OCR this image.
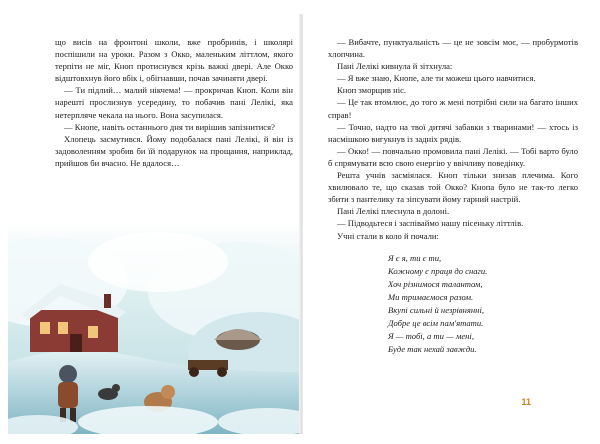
що висів на фронтоні школи, вже пробринів, і школярі поспішили на уроки. Разом з Окко, маленьким літтлом, якого терпіти не міг, Кноп протиснувся крізь важкі двері. Але Окко відштовхнув його вбік і, обігнавши, почав зачиняти двері.

— Ти підлий… малий нікчема! — прокричав Кноп. Коли він нарешті прослизнув усередину, то побачив пані Лелікі, яка нетерпляче чекала на нього. Вона засупилася.

— Кнопе, навіть останнього дня ти вирішив запізнитися?

Хлопець засмутився. Йому подобалася пані Лелікі, й він із задоволенням зробив би їй подарунок на прощання, наприклад, прийшов би вчасно. Не вдалося…

— Вибачте, пунктуальність — це не зовсім моє, — пробурмотів хлопчина.

Пані Лелікі кивнула й зітхнула:

— Я вже знаю, Кнопе, але ти можеш цього навчитися.

Кноп зморщив ніс.

— Це так втомлює, до того ж мені потрібні сили на багато інших справ!

— Точно, надто на твої дитячі забавки з тваринами! — хтось із насмішкою вигукнув із задніх рядів.

— Окко! — повчально промовила пані Лелікі. — Тобі варто було б спрямувати всю свою енергію у ввічливу поведінку.

Решта учнів засміялася. Кноп тільки знизав плечима. Кого хвилювало те, що сказав той Окко? Кнопа було не так-то легко збити з пантелику та зіпсувати йому гарний настрій.

Пані Лелікі плеснула в долоні.

— Підводьтеся і заспіваймо нашу пісеньку літтлів.

Учні стали в коло й почали:

Я є я, ти є ти,

Кожному є праця до снаги.

Хоч різнимося талантом,

Ми тримаємося разом.

Вкупі сильні й незрівнянні,

Добре це всім пам'ятати.

Я — тобі, а ти — мені,

Буде так нехай завжди.

11
